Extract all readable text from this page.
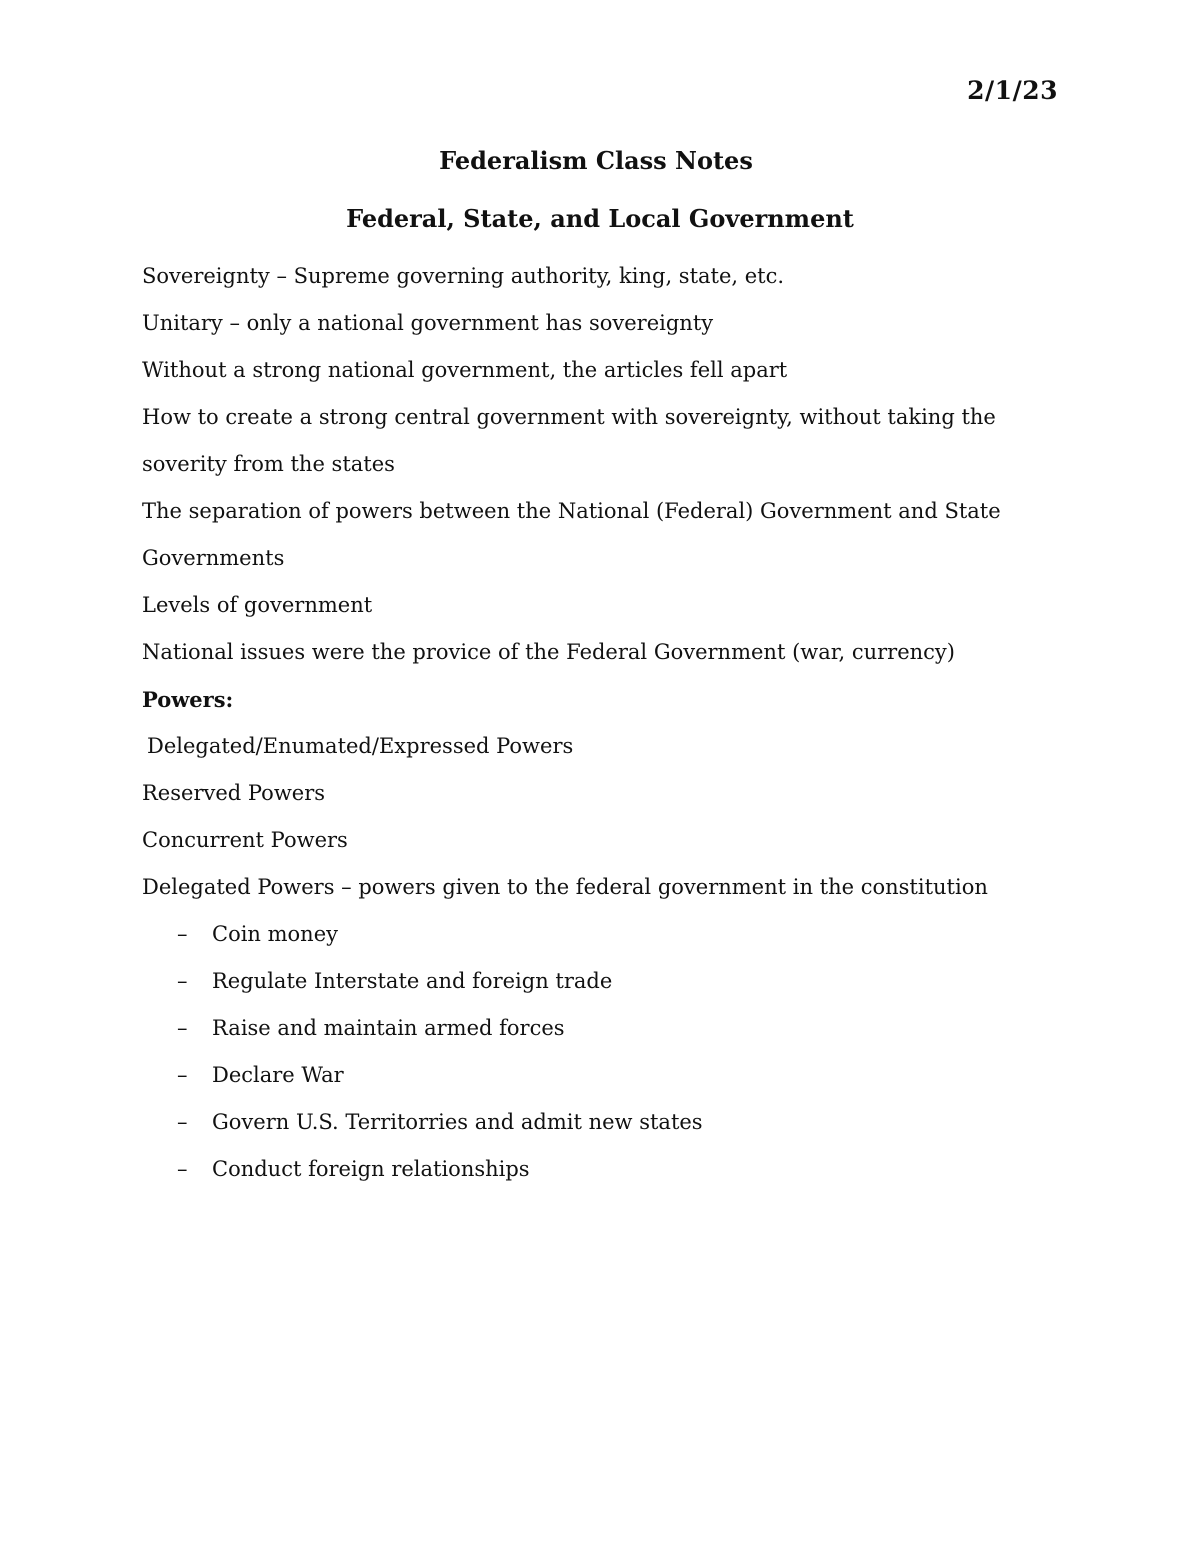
2/1/23
Federalism Class Notes
Federal, State, and Local Government

Sovereignty – Supreme governing authority, king, state, etc.

Unitary – only a national government has sovereignty

Without a strong national government, the articles fell apart

How to create a strong central government with sovereignty, without taking the

soverity from the states

The separation of powers between the National (Federal) Government and State

Governments

Levels of government

National issues were the provice of the Federal Government (war, currency)

Powers:

Delegated/Enumated/Expressed Powers

Reserved Powers

Concurrent Powers

Delegated Powers – powers given to the federal government in the constitution

– Coin money

– Regulate Interstate and foreign trade

– Raise and maintain armed forces

– Declare War

– Govern U.S. Territorries and admit new states

– Conduct foreign relationships
